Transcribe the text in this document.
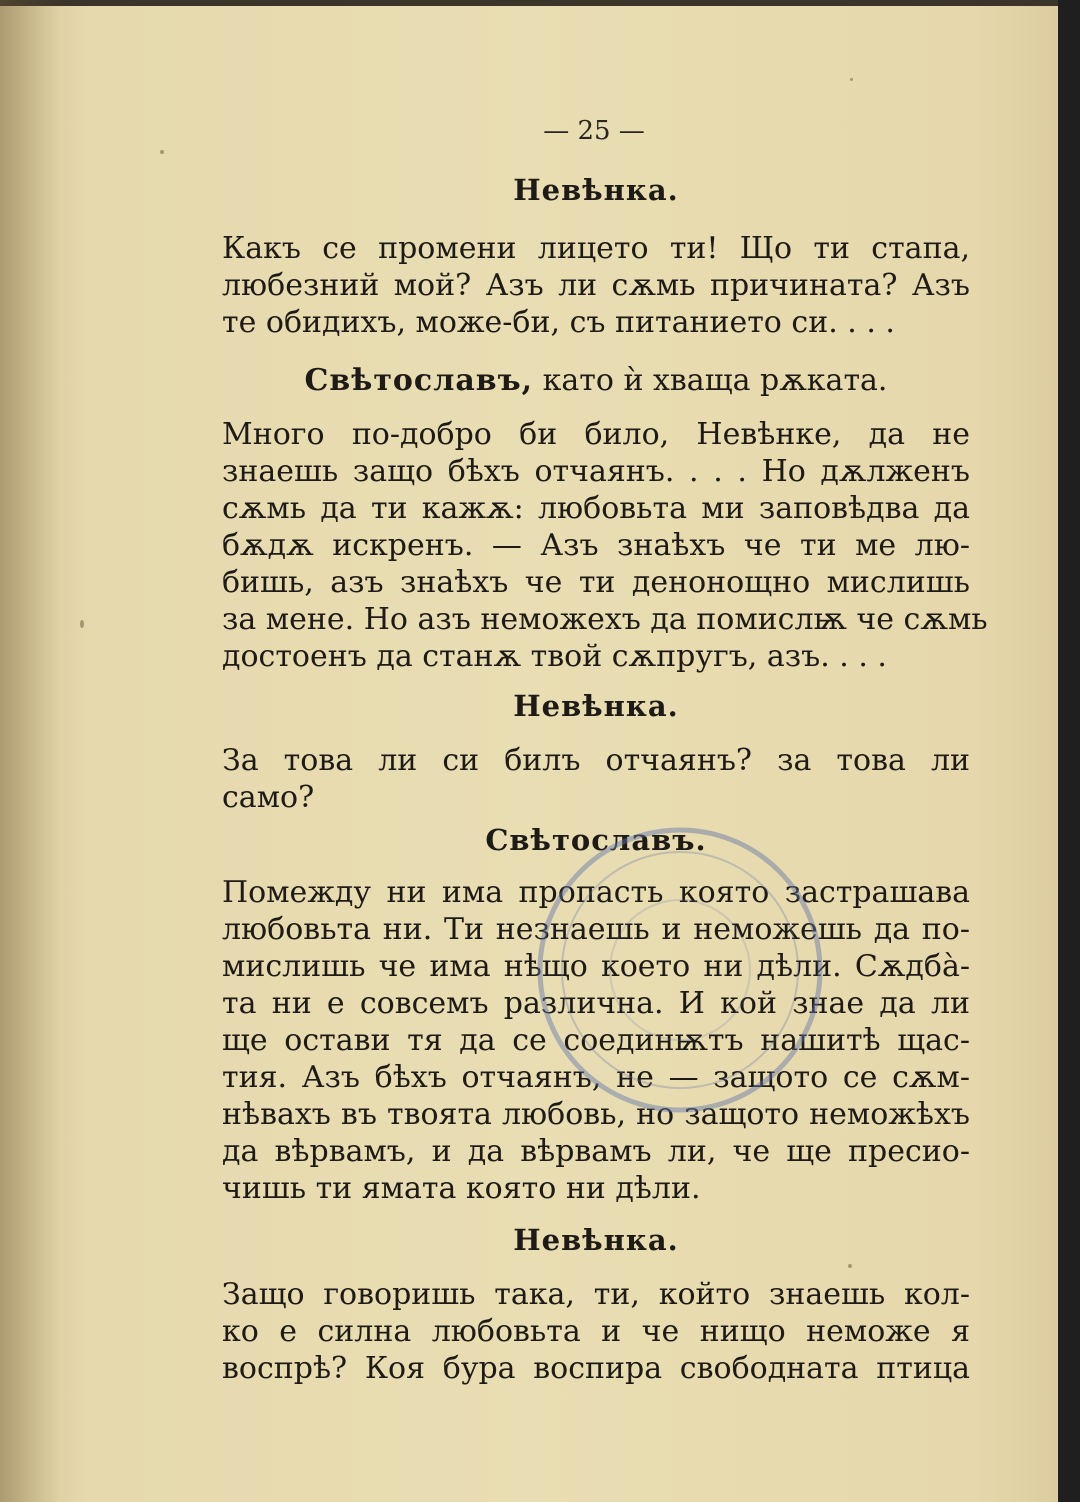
— 25 —
Невѣнка.
Какъ се промени лицето ти! Що ти стапа,
любезний мой? Азъ ли сѫмь причината? Азъ
те обидихъ, може-би, съ питанието си. . . .
Свѣтославъ, като ѝ хваща рѫката.
Много по-добро би било, Невѣнке, да не
знаешь защо бѣхъ отчаянъ. . . . Но дѫлженъ
сѫмь да ти кажѫ: любовьта ми заповѣдва да
бѫдѫ искренъ. — Азъ знаѣхъ че ти ме лю-
бишь, азъ знаѣхъ че ти денонощно мислишь
за мене. Но азъ неможехъ да помислѭ че сѫмь
достоенъ да станѫ твой сѫпругъ, азъ. . . .
Невѣнка.
За това ли си билъ отчаянъ? за това ли
само?
Свѣтославъ.
Помежду ни има пропасть която застрашава
любовьта ни. Ти незнаешь и неможешь да по-
мислишь че има нѣщо което ни дѣли. Сѫдбà-
та ни е совсемъ различна. И кой знае да ли
ще остави тя да се соединѭтъ нашитѣ щас-
тия. Азъ бѣхъ отчаянъ, не — защото се сѫм-
нѣвахъ въ твоята любовь, но защото неможѣхъ
да вѣрвамъ, и да вѣрвамъ ли, че ще пресио-
чишь ти ямата която ни дѣли.
Невѣнка.
Защо говоришь така, ти, който знаешь кол-
ко е силна любовьта и че нищо неможе я
воспрѣ? Коя бура воспира свободната птица
